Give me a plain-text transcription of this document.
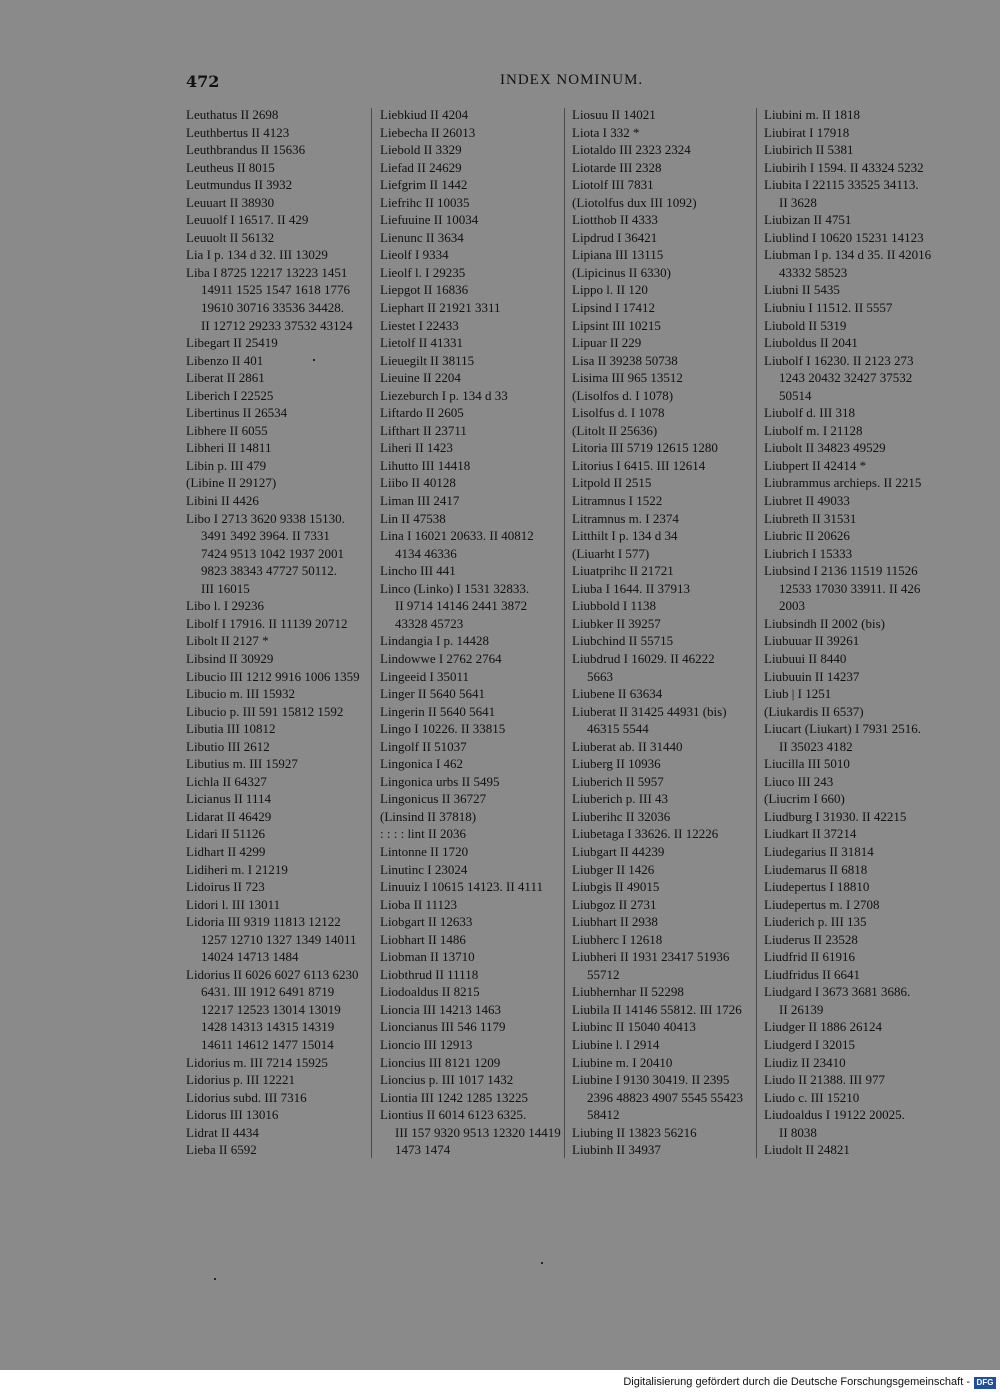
472	INDEX NOMINUM.
Leuthatus II 2698
Leuthbertus II 4123
Leuthbrandus II 15636
Leutheus II 8015
Leutmundus II 3932
Leuuart II 38930
Leuuolf I 16517. II 429
Leuuolt II 56132
Lia I p. 134 d 32. III 13029
Liba I 8725 12217 13223 1451
14911 1525 1547 1618 1776
19610 30716 33536 34428.
II 12712 29233 37532 43124
Libegart II 25419
Libenzo II 401
Liberat II 2861
Liberich I 22525
Libertinus II 26534
Libhere II 6055
Libheri II 14811
Libin p. III 479
(Libine II 29127)
Libini II 4426
Libo I 2713 3620 9338 15130.
3491 3492 3964. II 7331
7424 9513 1042 1937 2001
9823 38343 47727 50112.
III 16015
Libo l. I 29236
Libolf I 17916. II 11139 20712
Libolt II 2127 *
Libsind II 30929
Libucio III 1212 9916 1006 1359
Libucio m. III 15932
Libucio p. III 591 15812 1592
Libutia III 10812
Libutio III 2612
Libutius m. III 15927
Lichla II 64327
Licianus II 1114
Lidarat II 46429
Lidari II 51126
Lidhart II 4299
Lidiheri m. I 21219
Lidoirus II 723
Lidori l. III 13011
Lidoria III 9319 11813 12122
1257 12710 1327 1349 14011
14024 14713 1484
Lidorius II 6026 6027 6113 6230
6431. III 1912 6491 8719
12217 12523 13014 13019
1428 14313 14315 14319
14611 14612 1477 15014
Lidorius m. III 7214 15925
Lidorius p. III 12221
Lidorius subd. III 7316
Lidorus III 13016
Lidrat II 4434
Lieba II 6592
Liebkiud II 4204
Liebecha II 26013
Liebold II 3329
Liefad II 24629
Liefgrim II 1442
Liefrihc II 10035
Liefuuine II 10034
Lienunc II 3634
Lieolf I 9334
Lieolf l. I 29235
Liepgot II 16836
Liephart II 21921 3311
Liestet I 22433
Lietolf II 41331
Lieuegilt II 38115
Lieuine II 2204
Liezeburch I p. 134 d 33
Liftardo II 2605
Lifthart II 23711
Liheri II 1423
Lihutto III 14418
Liibo II 40128
Liman III 2417
Lin II 47538
Lina I 16021 20633. II 40812
4134 46336
Lincho III 441
Linco (Linko) I 1531 32833.
II 9714 14146 2441 3872
43328 45723
Lindangia I p. 14428
Lindowwe I 2762 2764
Lingeeid I 35011
Linger II 5640 5641
Lingerin II 5640 5641
Lingo I 10226. II 33815
Lingolf II 51037
Lingonica I 462
Lingonica urbs II 5495
Lingonicus II 36727
(Linsind II 37818)
: : : : lint II 2036
Lintonne II 1720
Linutinc I 23024
Linuuiz I 10615 14123. II 4111
Lioba II 11123
Liobgart II 12633
Liobhart II 1486
Liobman II 13710
Liobthrud II 11118
Liodoaldus II 8215
Lioncia III 14213 1463
Lioncianus III 546 1179
Lioncio III 12913
Lioncius III 8121 1209
Lioncius p. III 1017 1432
Liontia III 1242 1285 13225
Liontius II 6014 6123 6325.
III 157 9320 9513 12320 14419
1473 1474
Liosuu II 14021
Liota I 332 *
Liotaldo III 2323 2324
Liotarde III 2328
Liotolf III 7831
(Liotolfus dux III 1092)
Liotthob II 4333
Lipdrud I 36421
Lipiana III 13115
(Lipicinus II 6330)
Lippo l. II 120
Lipsind I 17412
Lipsint III 10215
Lipuar II 229
Lisa II 39238 50738
Lisima III 965 13512
(Lisolfos d. I 1078)
Lisolfus d. I 1078
(Litolt II 25636)
Litoria III 5719 12615 1280
Litorius I 6415. III 12614
Litpold II 2515
Litramnus I 1522
Litramnus m. I 2374
Litthilt I p. 134 d 34
(Liuarht I 577)
Liuatprihc II 21721
Liuba I 1644. II 37913
Liubbold I 1138
Liubker II 39257
Liubchind II 55715
Liubdrud I 16029. II 46222
5663
Liubene II 63634
Liuberat II 31425 44931 (bis)
46315 5544
Liuberat ab. II 31440
Liuberg II 10936
Liuberich II 5957
Liuberich p. III 43
Liuberihc II 32036
Liubetaga I 33626. II 12226
Liubgart II 44239
Liubger II 1426
Liubgis II 49015
Liubgoz II 2731
Liubhart II 2938
Liubherc I 12618
Liubheri II 1931 23417 51936
55712
Liubhernhar II 52298
Liubila II 14146 55812. III 1726
Liubinc II 15040 40413
Liubine l. I 2914
Liubine m. I 20410
Liubine I 9130 30419. II 2395
2396 48823 4907 5545 55423
58412
Liubing II 13823 56216
Liubinh II 34937
Liubini m. II 1818
Liubirat I 17918
Liubirich II 5381
Liubirih I 1594. II 43324 5232
Liubita I 22115 33525 34113.
II 3628
Liubizan II 4751
Liublind I 10620 15231 14123
Liubman I p. 134 d 35. II 42016
43332 58523
Liubni II 5435
Liubniu I 11512. II 5557
Liubold II 5319
Liuboldus II 2041
Liubolf I 16230. II 2123 273
1243 20432 32427 37532
50514
Liubolf d. III 318
Liubolf m. I 21128
Liubolt II 34823 49529
Liubpert II 42414 *
Liubrammus archieps. II 2215
Liubret II 49033
Liubreth II 31531
Liubric II 20626
Liubrich I 15333
Liubsind I 2136 11519 11526
12533 17030 33911. II 426
2003
Liubsindh II 2002 (bis)
Liubuuar II 39261
Liubuui II 8440
Liubuuin II 14237
Liub | I 1251
(Liukardis II 6537)
Liucart (Liukart) I 7931 2516.
II 35023 4182
Liucilla III 5010
Liuco III 243
(Liucrim I 660)
Liudburg I 31930. II 42215
Liudkart II 37214
Liudegarius II 31814
Liudemarus II 6818
Liudepertus I 18810
Liudepertus m. I 2708
Liuderich p. III 135
Liuderus II 23528
Liudfrid II 61916
Liudfridus II 6641
Liudgard I 3673 3681 3686.
II 26139
Liudger II 1886 26124
Liudgerd I 32015
Liudiz II 23410
Liudo II 21388. III 977
Liudo c. III 15210
Liudoaldus I 19122 20025.
II 8038
Liudolt II 24821
Digitalisierung gefördert durch die Deutsche Forschungsgemeinschaft - DFG
